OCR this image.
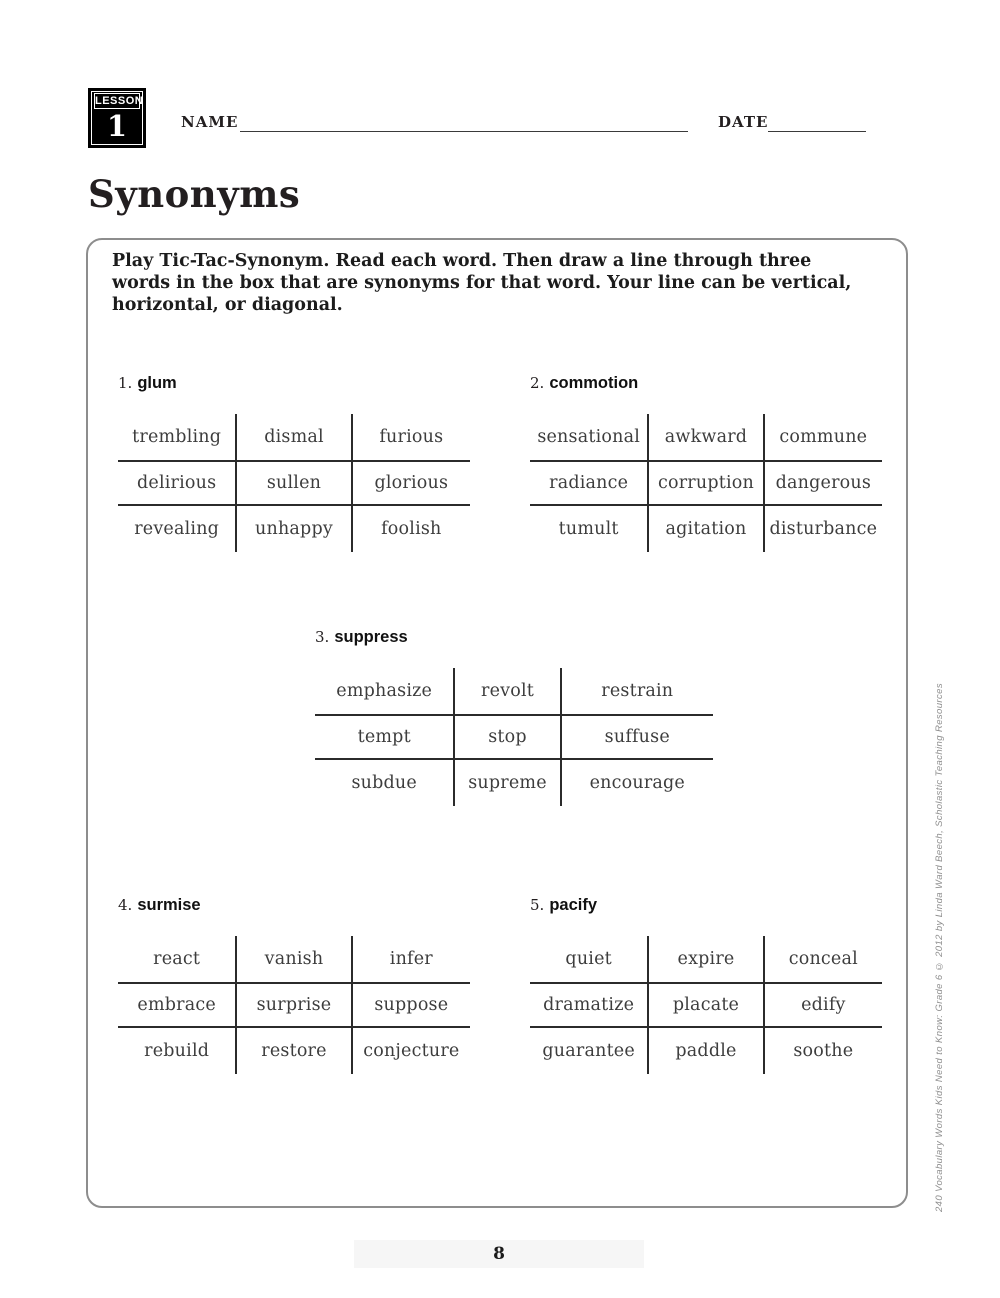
LESSON
1	NAME	DATE
Synonyms
Play Tic-Tac-Synonym. Read each word. Then draw a line through three words in the box that are synonyms for that word. Your line can be vertical, horizontal, or diagonal.
1. glum
trembling	dismal	furious
delirious	sullen	glorious
revealing	unhappy	foolish
2. commotion
sensational	awkward	commune
radiance	corruption	dangerous
tumult	agitation	disturbance
3. suppress
emphasize	revolt	restrain
tempt	stop	suffuse
subdue	supreme	encourage
4. surmise
react	vanish	infer
embrace	surprise	suppose
rebuild	restore	conjecture
5. pacify
quiet	expire	conceal
dramatize	placate	edify
guarantee	paddle	soothe	240 Vocabulary Words Kids Need to Know: Grade 6 © 2012 by Linda Ward Beech, Scholastic Teaching Resources
8
